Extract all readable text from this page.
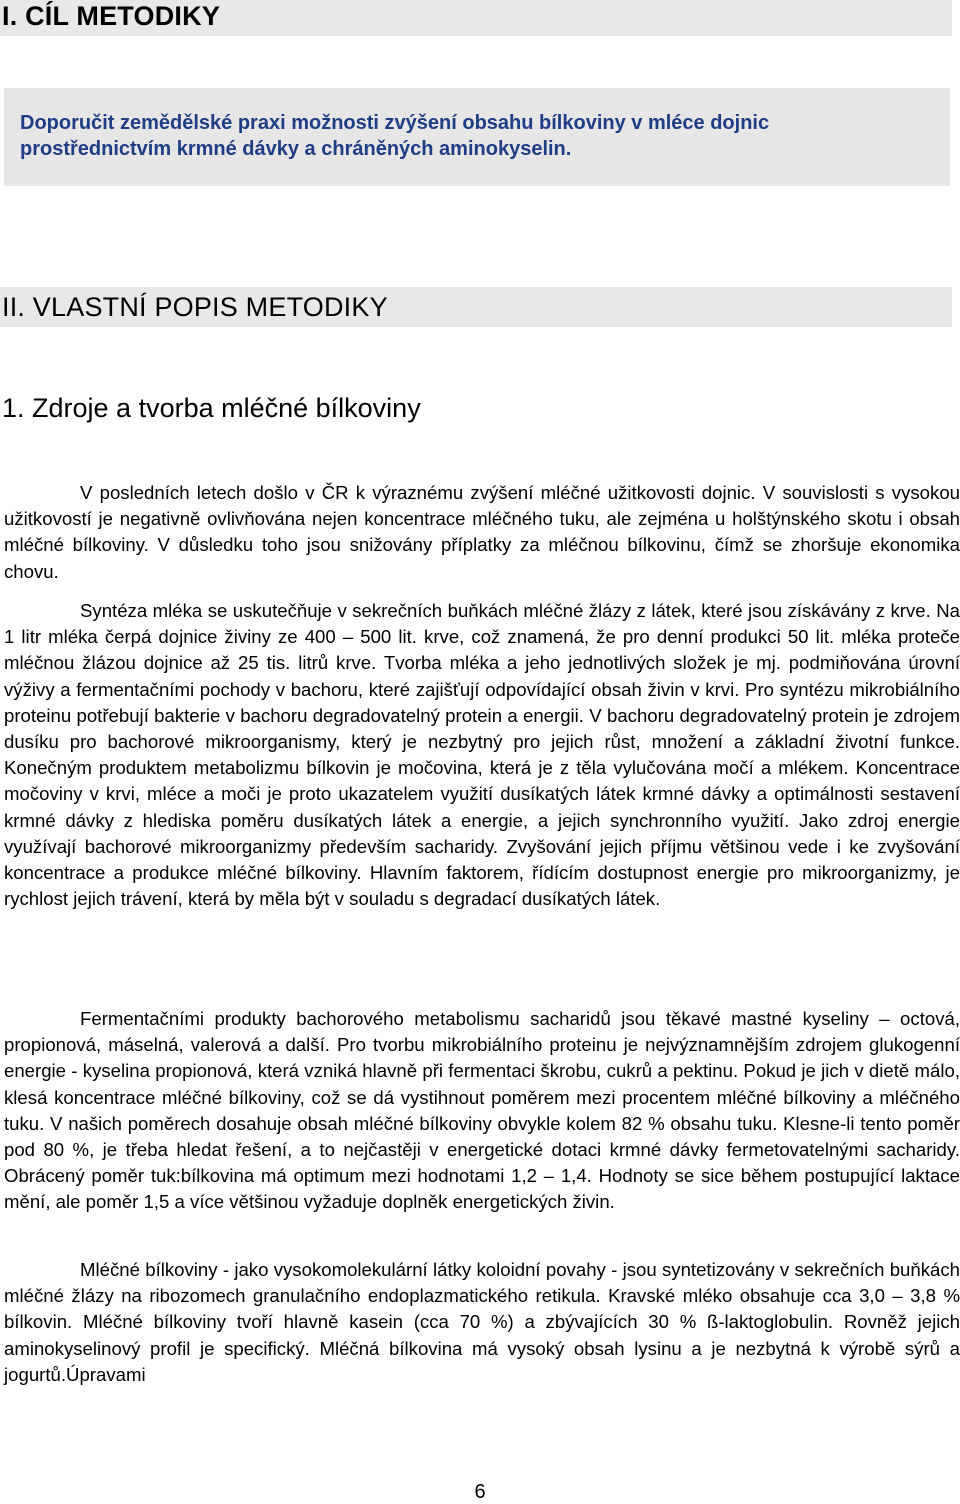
I. CÍL METODIKY

Doporučit zemědělské praxi možnosti zvýšení obsahu bílkoviny v mléce dojnic prostřednictvím krmné dávky a chráněných aminokyselin.

II. VLASTNÍ POPIS METODIKY
1. Zdroje a tvorba mléčné bílkoviny

V posledních letech došlo v ČR k výraznému zvýšení mléčné užitkovosti dojnic. V souvislosti s vysokou užitkovostí je negativně ovlivňována nejen koncentrace mléčného tuku, ale zejména u holštýnského skotu i obsah mléčné bílkoviny. V důsledku toho jsou snižovány příplatky za mléčnou bílkovinu, čímž se zhoršuje ekonomika chovu.

Syntéza mléka se uskutečňuje v sekrečních buňkách mléčné žlázy z látek, které jsou získávány z krve. Na 1 litr mléka čerpá dojnice živiny ze 400 – 500 lit. krve, což znamená, že pro denní produkci 50 lit. mléka proteče mléčnou žlázou dojnice až 25 tis. litrů krve. Tvorba mléka a jeho jednotlivých složek je mj. podmiňována úrovní výživy a fermentačními pochody v bachoru, které zajišťují odpovídající obsah živin v krvi. Pro syntézu mikrobiálního proteinu potřebují bakterie v bachoru degradovatelný protein a energii. V bachoru degradovatelný protein je zdrojem dusíku pro bachorové mikroorganismy, který je nezbytný pro jejich růst, množení a základní životní funkce. Konečným produktem metabolizmu bílkovin je močovina, která je z těla vylučována močí a mlékem. Koncentrace močoviny v krvi, mléce a moči je proto ukazatelem využití dusíkatých látek krmné dávky a optimálnosti sestavení krmné dávky z hlediska poměru dusíkatých látek a energie, a jejich synchronního využití. Jako zdroj energie využívají bachorové mikroorganizmy především sacharidy. Zvyšování jejich příjmu většinou vede i ke zvyšování koncentrace a produkce mléčné bílkoviny. Hlavním faktorem, řídícím dostupnost energie pro mikroorganizmy, je rychlost jejich trávení, která by měla být v souladu s degradací dusíkatých látek.

Fermentačními produkty bachorového metabolismu sacharidů jsou těkavé mastné kyseliny – octová, propionová, máselná, valerová a další. Pro tvorbu mikrobiálního proteinu je nejvýznamnějším zdrojem glukogenní energie - kyselina propionová, která vzniká hlavně při fermentaci škrobu, cukrů a pektinu. Pokud je jich v dietě málo, klesá koncentrace mléčné bílkoviny, což se dá vystihnout poměrem mezi procentem mléčné bílkoviny a mléčného tuku. V našich poměrech dosahuje obsah mléčné bílkoviny obvykle kolem 82 % obsahu tuku. Klesne-li tento poměr pod 80 %, je třeba hledat řešení, a to nejčastěji v energetické dotaci krmné dávky fermetovatelnými sacharidy. Obrácený poměr tuk:bílkovina má optimum mezi hodnotami 1,2 – 1,4. Hodnoty se sice během postupující laktace mění, ale poměr 1,5 a více většinou vyžaduje doplněk energetických živin.

Mléčné bílkoviny - jako vysokomolekulární látky koloidní povahy - jsou syntetizovány v sekrečních buňkách mléčné žlázy na ribozomech granulačního endoplazmatického retikula. Kravské mléko obsahuje cca 3,0 – 3,8 % bílkovin. Mléčné bílkoviny tvoří hlavně kasein (cca 70 %) a zbývajících 30 % ß-laktoglobulin. Rovněž jejich aminokyselinový profil je specifický. Mléčná bílkovina má vysoký obsah lysinu a je nezbytná k výrobě sýrů a jogurtů.Úpravami

6
